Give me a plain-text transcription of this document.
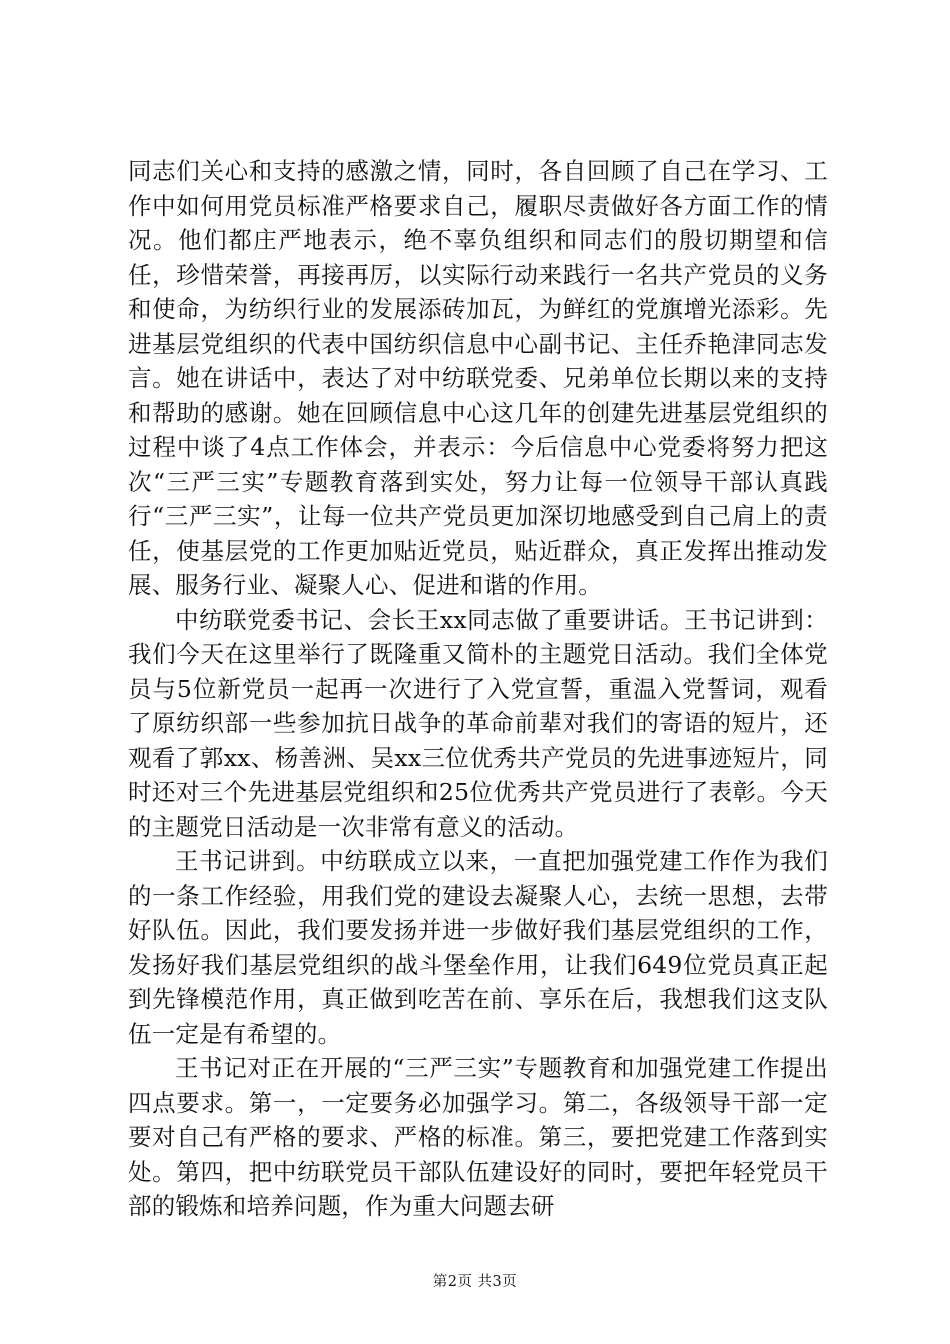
同志们关心和支持的感激之情，同时，各自回顾了自己在学习、工作中如何用党员标准严格要求自己，履职尽责做好各方面工作的情况。他们都庄严地表示，绝不辜负组织和同志们的殷切期望和信任，珍惜荣誉，再接再厉，以实际行动来践行一名共产党员的义务和使命，为纺织行业的发展添砖加瓦，为鲜红的党旗增光添彩。先进基层党组织的代表中国纺织信息中心副书记、主任乔艳津同志发言。她在讲话中，表达了对中纺联党委、兄弟单位长期以来的支持和帮助的感谢。她在回顾信息中心这几年的创建先进基层党组织的过程中谈了4点工作体会，并表示：今后信息中心党委将努力把这次“三严三实”专题教育落到实处，努力让每一位领导干部认真践行“三严三实”，让每一位共产党员更加深切地感受到自己肩上的责任，使基层党的工作更加贴近党员，贴近群众，真正发挥出推动发展、服务行业、凝聚人心、促进和谐的作用。

中纺联党委书记、会长王xx同志做了重要讲话。王书记讲到：我们今天在这里举行了既隆重又简朴的主题党日活动。我们全体党员与5位新党员一起再一次进行了入党宣誓，重温入党誓词，观看了原纺织部一些参加抗日战争的革命前辈对我们的寄语的短片，还观看了郭xx、杨善洲、吴xx三位优秀共产党员的先进事迹短片，同时还对三个先进基层党组织和25位优秀共产党员进行了表彰。今天的主题党日活动是一次非常有意义的活动。

王书记讲到。中纺联成立以来，一直把加强党建工作作为我们的一条工作经验，用我们党的建设去凝聚人心，去统一思想，去带好队伍。因此，我们要发扬并进一步做好我们基层党组织的工作，发扬好我们基层党组织的战斗堡垒作用，让我们649位党员真正起到先锋模范作用，真正做到吃苦在前、享乐在后，我想我们这支队伍一定是有希望的。

王书记对正在开展的“三严三实”专题教育和加强党建工作提出四点要求。第一，一定要务必加强学习。第二，各级领导干部一定要对自己有严格的要求、严格的标准。第三，要把党建工作落到实处。第四，把中纺联党员干部队伍建设好的同时，要把年轻党员干部的锻炼和培养问题，作为重大问题去研

第2页 共3页
